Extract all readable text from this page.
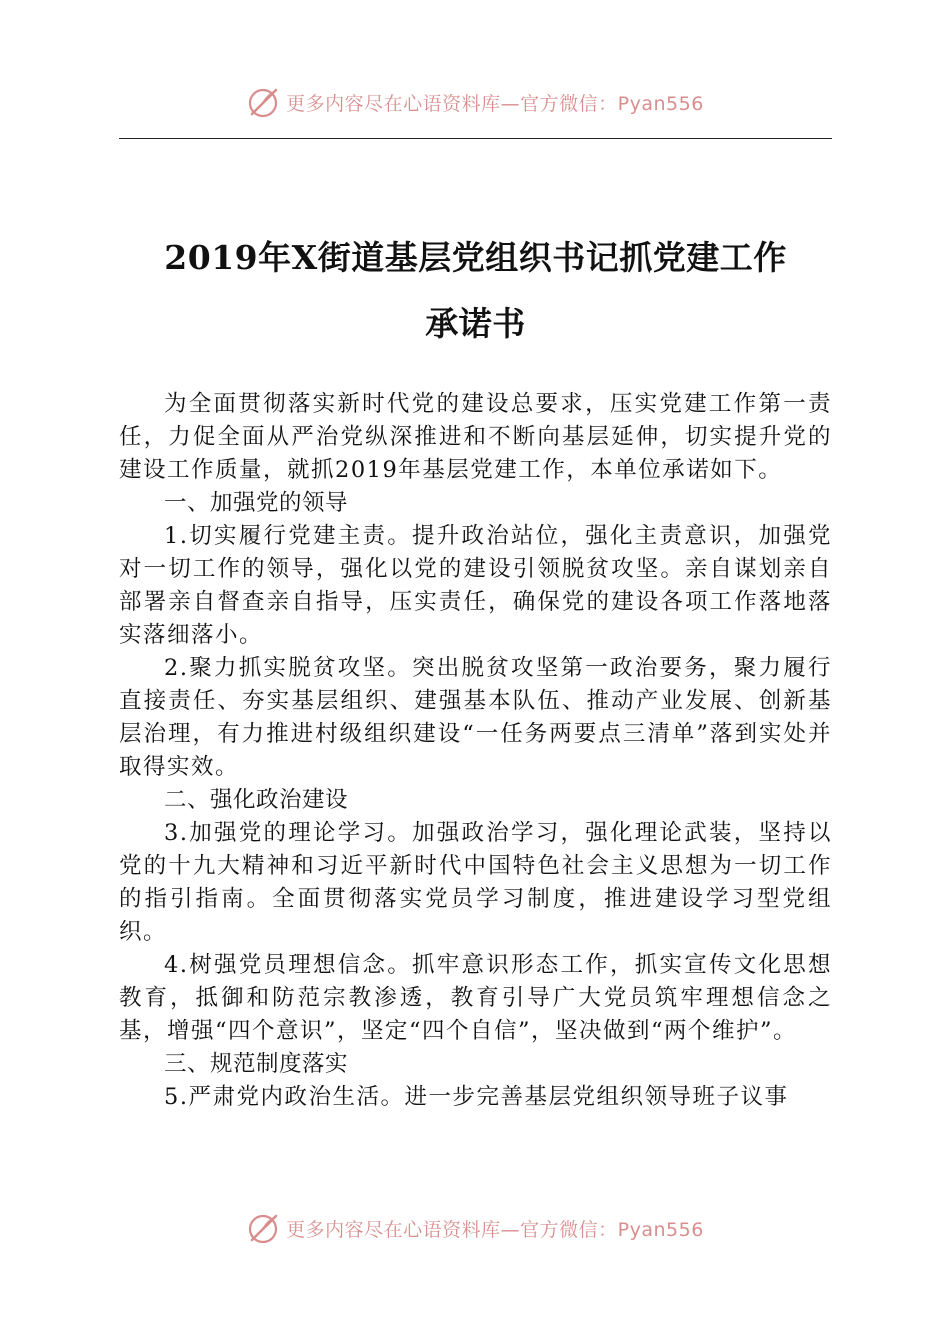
更多内容尽在心语资料库—官方微信：Pyan556
2019年X街道基层党组织书记抓党建工作
承诺书

为全面贯彻落实新时代党的建设总要求，压实党建工作第一责任，力促全面从严治党纵深推进和不断向基层延伸，切实提升党的建设工作质量，就抓2019年基层党建工作，本单位承诺如下。

一、加强党的领导

1.切实履行党建主责。提升政治站位，强化主责意识，加强党对一切工作的领导，强化以党的建设引领脱贫攻坚。亲自谋划亲自部署亲自督查亲自指导，压实责任，确保党的建设各项工作落地落实落细落小。

2.聚力抓实脱贫攻坚。突出脱贫攻坚第一政治要务，聚力履行直接责任、夯实基层组织、建强基本队伍、推动产业发展、创新基层治理，有力推进村级组织建设“一任务两要点三清单”落到实处并取得实效。

二、强化政治建设

3.加强党的理论学习。加强政治学习，强化理论武装，坚持以党的十九大精神和习近平新时代中国特色社会主义思想为一切工作的指引指南。全面贯彻落实党员学习制度，推进建设学习型党组织。

4.树强党员理想信念。抓牢意识形态工作，抓实宣传文化思想教育，抵御和防范宗教渗透，教育引导广大党员筑牢理想信念之基，增强“四个意识”，坚定“四个自信”，坚决做到“两个维护”。

三、规范制度落实

5.严肃党内政治生活。进一步完善基层党组织领导班子议事

更多内容尽在心语资料库—官方微信：Pyan556
